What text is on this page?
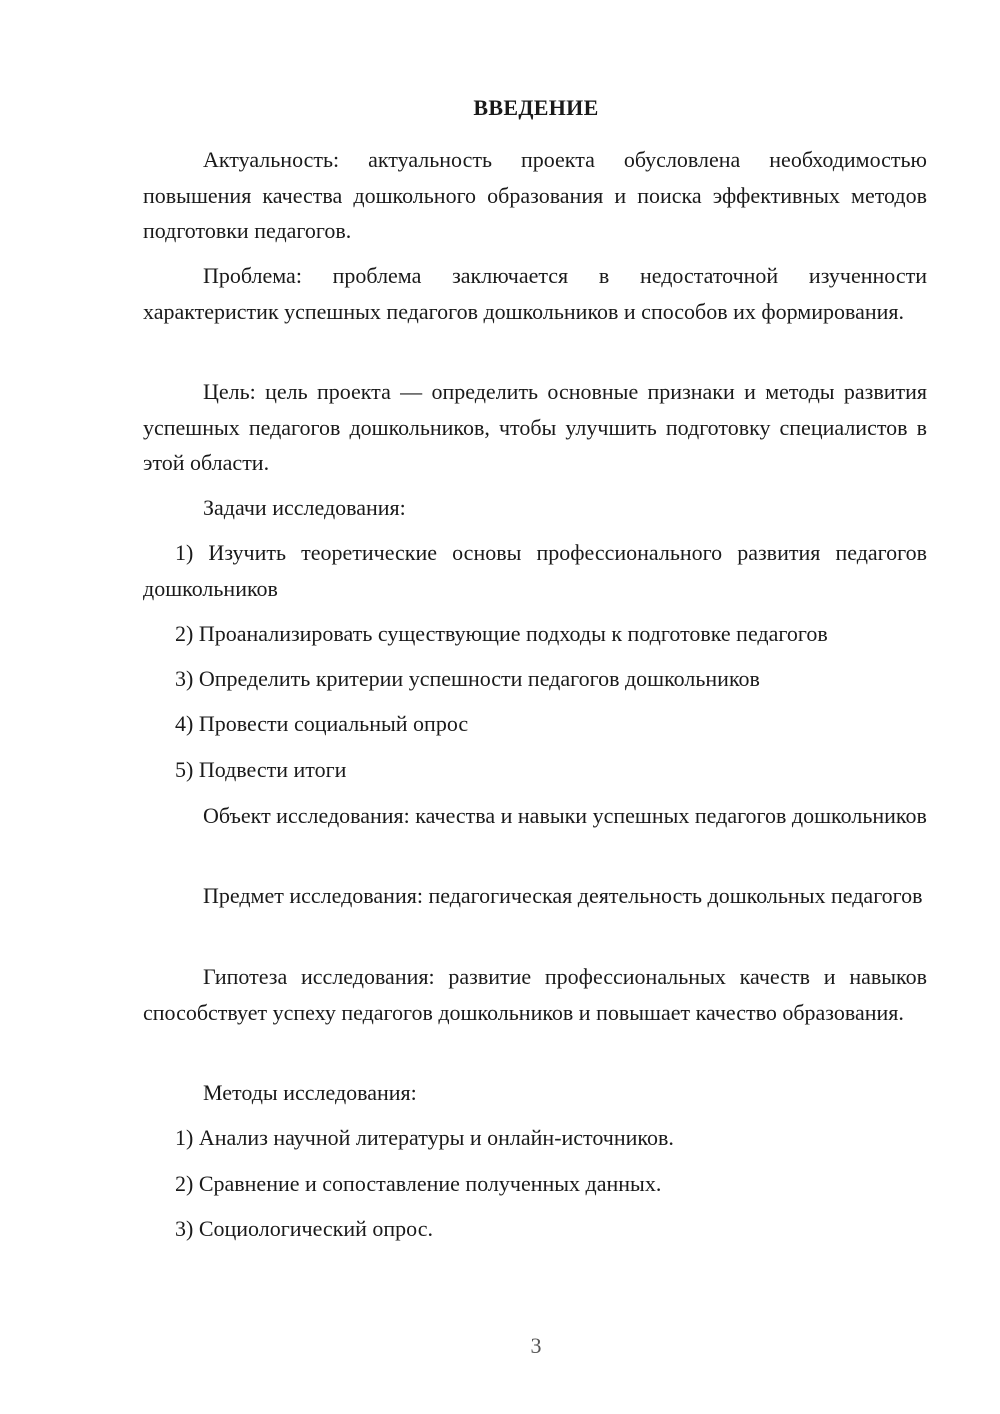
ВВЕДЕНИЕ
Актуальность: актуальность проекта обусловлена необходимостью повышения качества дошкольного образования и поиска эффективных методов подготовки педагогов.
Проблема: проблема заключается в недостаточной изученности характеристик успешных педагогов дошкольников и способов их формирования.
Цель: цель проекта — определить основные признаки и методы развития успешных педагогов дошкольников, чтобы улучшить подготовку специалистов в этой области.
Задачи исследования:
1) Изучить теоретические основы профессионального развития педагогов дошкольников
2) Проанализировать существующие подходы к подготовке педагогов
3) Определить критерии успешности педагогов дошкольников
4) Провести социальный опрос
5) Подвести итоги
Объект исследования: качества и навыки успешных педагогов дошкольников
Предмет исследования: педагогическая деятельность дошкольных педагогов
Гипотеза исследования: развитие профессиональных качеств и навыков способствует успеху педагогов дошкольников и повышает качество образования.
Методы исследования:
1) Анализ научной литературы и онлайн-источников.
2) Сравнение и сопоставление полученных данных.
3) Социологический опрос.
3
